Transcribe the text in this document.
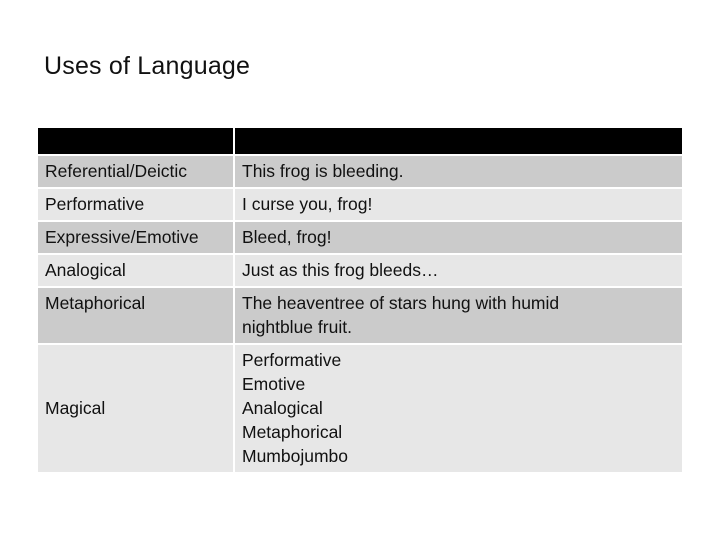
Uses of Language

Referential/Deictic	This frog is bleeding.
Performative	I curse you, frog!
Expressive/Emotive	Bleed, frog!
Analogical	Just as this frog bleeds…
Metaphorical	The heaventree of stars hung with humid
nightblue fruit.
Magical	Performative
Emotive
Analogical
Metaphorical
Mumbojumbo
